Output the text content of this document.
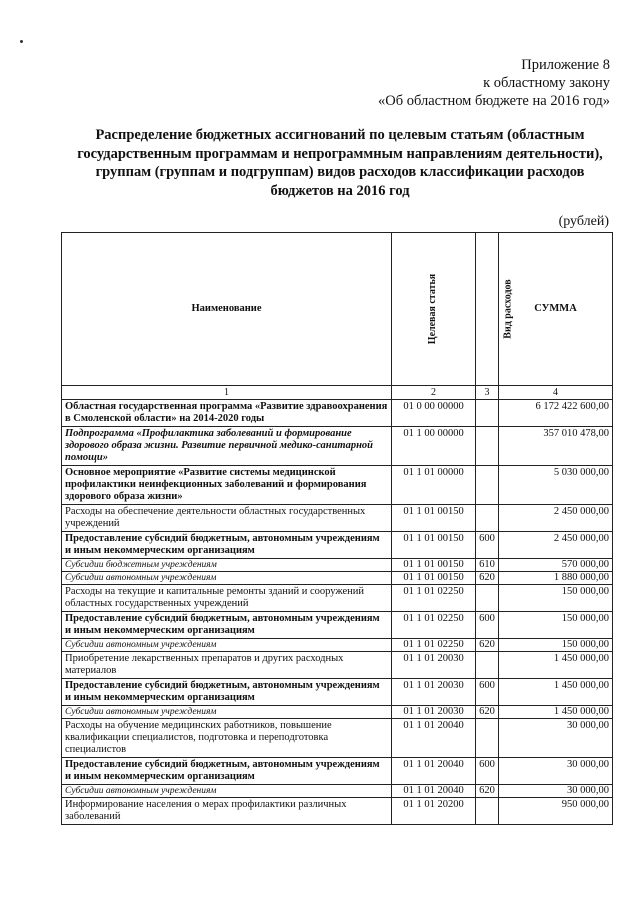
Приложение 8
к областному закону
«Об областном бюджете на 2016 год»
Распределение бюджетных ассигнований по целевым статьям (областным
государственным программам и непрограммным направлениям деятельности),
группам (группам и подгруппам) видов расходов классификации расходов
бюджетов на 2016 год
(рублей)
Наименование	Целевая статья	Вид расходов	СУММА
1	2	3	4
Областная государственная программа «Развитие здравоохранения в Смоленской области» на 2014-2020 годы	01 0 00 00000		6 172 422 600,00
Подпрограмма «Профилактика заболеваний и формирование здорового образа жизни. Развитие первичной медико-санитарной помощи»	01 1 00 00000		357 010 478,00
Основное мероприятие «Развитие системы медицинской профилактики неинфекционных заболеваний и формирования здорового образа жизни»	01 1 01 00000		5 030 000,00
Расходы на обеспечение деятельности областных государственных учреждений	01 1 01 00150		2 450 000,00
Предоставление субсидий бюджетным, автономным учреждениям и иным некоммерческим организациям	01 1 01 00150	600	2 450 000,00
Субсидии бюджетным учреждениям	01 1 01 00150	610	570 000,00
Субсидии автономным учреждениям	01 1 01 00150	620	1 880 000,00
Расходы на текущие и капитальные ремонты зданий и сооружений областных государственных учреждений	01 1 01 02250		150 000,00
Предоставление субсидий бюджетным, автономным учреждениям и иным некоммерческим организациям	01 1 01 02250	600	150 000,00
Субсидии автономным учреждениям	01 1 01 02250	620	150 000,00
Приобретение лекарственных препаратов и других расходных материалов	01 1 01 20030		1 450 000,00
Предоставление субсидий бюджетным, автономным учреждениям и иным некоммерческим организациям	01 1 01 20030	600	1 450 000,00
Субсидии автономным учреждениям	01 1 01 20030	620	1 450 000,00
Расходы на обучение медицинских работников, повышение квалификации специалистов, подготовка и переподготовка специалистов	01 1 01 20040		30 000,00
Предоставление субсидий бюджетным, автономным учреждениям и иным некоммерческим организациям	01 1 01 20040	600	30 000,00
Субсидии автономным учреждениям	01 1 01 20040	620	30 000,00
Информирование населения о мерах профилактики различных заболеваний	01 1 01 20200		950 000,00
